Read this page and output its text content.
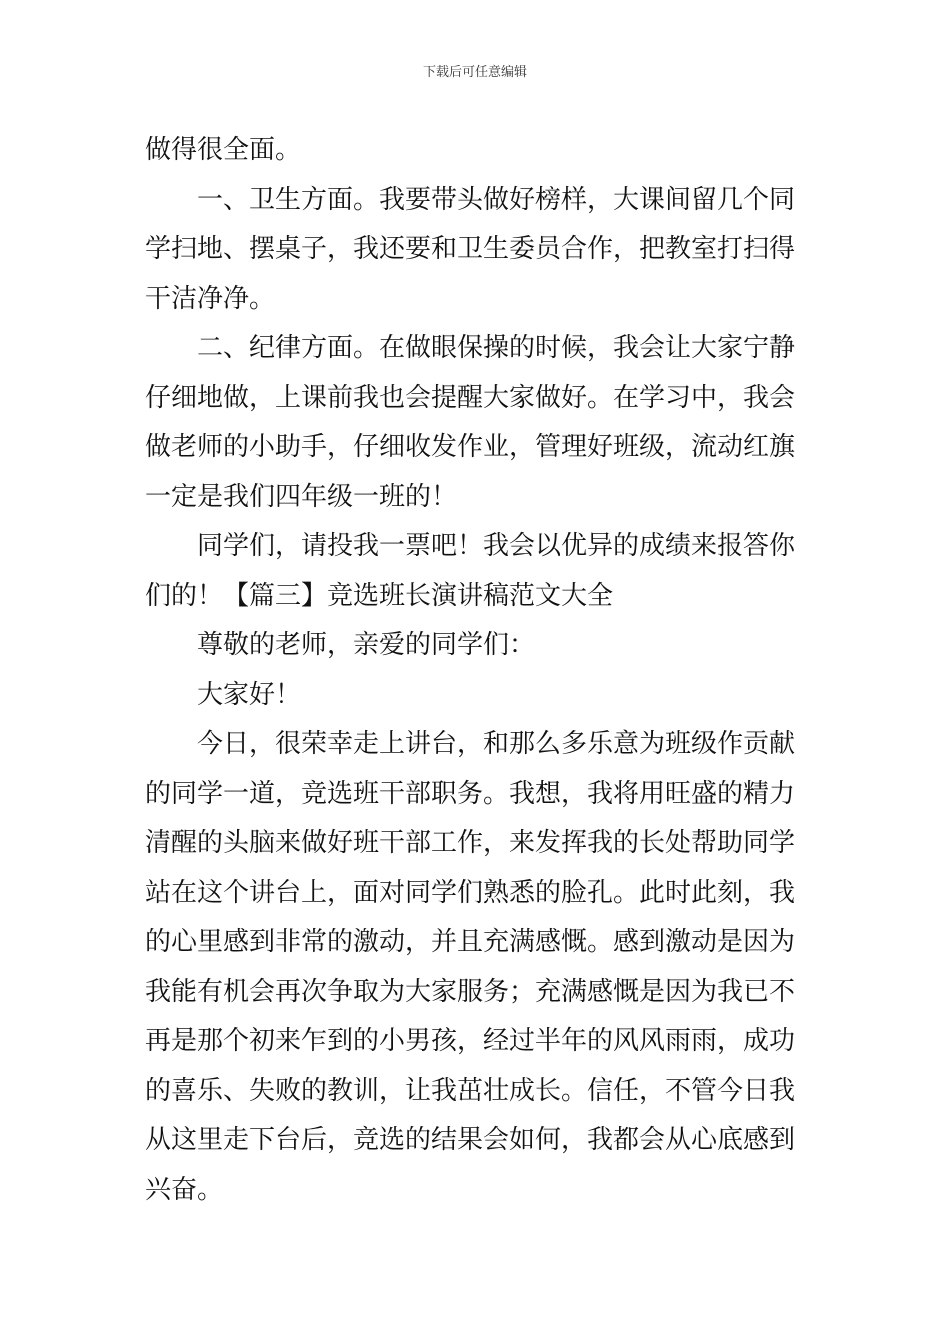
下载后可任意编辑
做得很全面。
一、卫生方面。我要带头做好榜样，大课间留几个同
学扫地、摆桌子，我还要和卫生委员合作，把教室打扫得
干洁净净。
二、纪律方面。在做眼保操的时候，我会让大家宁静
仔细地做，上课前我也会提醒大家做好。在学习中，我会
做老师的小助手，仔细收发作业，管理好班级，流动红旗
一定是我们四年级一班的！
同学们，请投我一票吧！我会以优异的成绩来报答你
们的！【篇三】竞选班长演讲稿范文大全
尊敬的老师，亲爱的同学们：
大家好！
今日，很荣幸走上讲台，和那么多乐意为班级作贡献
的同学一道，竞选班干部职务。我想，我将用旺盛的精力
清醒的头脑来做好班干部工作，来发挥我的长处帮助同学
站在这个讲台上，面对同学们熟悉的脸孔。此时此刻，我
的心里感到非常的激动，并且充满感慨。感到激动是因为
我能有机会再次争取为大家服务；充满感慨是因为我已不
再是那个初来乍到的小男孩，经过半年的风风雨雨，成功
的喜乐、失败的教训，让我茁壮成长。信任，不管今日我
从这里走下台后，竞选的结果会如何，我都会从心底感到
兴奋。
